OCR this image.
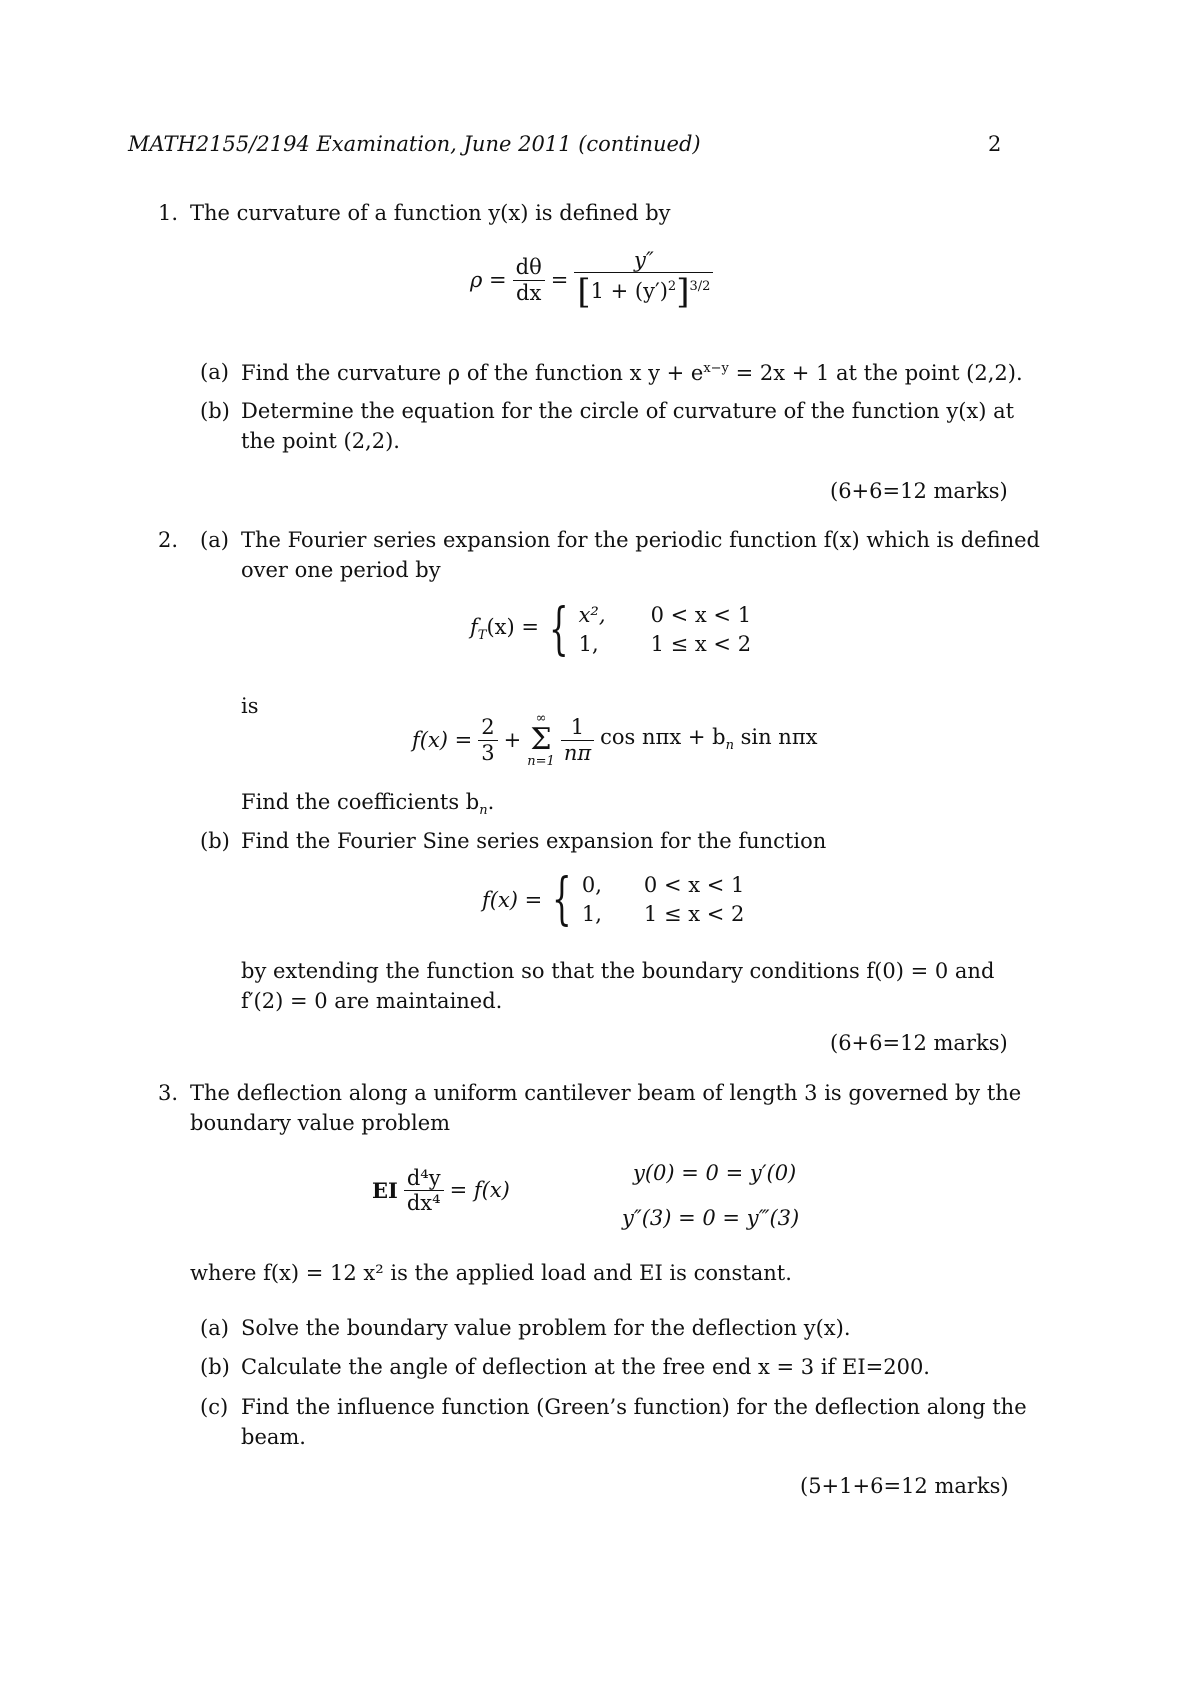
MATH2155/2194 Examination, June 2011 (continued)	2
1. The curvature of a function y(x) is defined by
$\rho = \frac{d\theta}{dx} = \frac{y''}{[1 + (y')^2]^{3/2}}$
(a) Find the curvature ρ of the function x $y + e^{x-y} = 2x + 1$ at the point (2,2).
(b) Determine the equation for the circle of curvature of the function y(x) at
the point (2,2).
(6+6=12 marks)
2. (a) The Fourier series expansion for the periodic function f(x) which is defined
over one period by
$f_T(x)$ = { x²,	0 < x < 1
1,	1 ≤ x < 2
is
$f(x) = \frac{2}{3}$ +
∞
Σ
$n=1 \frac{1}{n\pi}$ $\cos n\pi x + b_n$ sin nπx
Find the coefficients $b_n$.
(b) Find the Fourier Sine series expansion for the function
f(x) = { 0,	0 < x < 1
1,	1 ≤ x < 2
by extending the function so that the boundary conditions f(0) = 0 and
f′(2) = 0 are maintained.
(6+6=12 marks)
3. The deflection along a uniform cantilever beam of length 3 is governed by the
boundary value problem
EI $\frac{\text{d⁴y}}{\text{dx⁴}} = f(x)$
y(0) = 0 = y′(0)
y″(3) = 0 = y‴(3)
where f(x) = 12 x² is the applied load and EI is constant.
(a) Solve the boundary value problem for the deflection y(x).
(b) Calculate the angle of deflection at the free end x = 3 if EI=200.
(c) Find the influence function (Green’s function) for the deflection along the
beam.
(5+1+6=12 marks)
